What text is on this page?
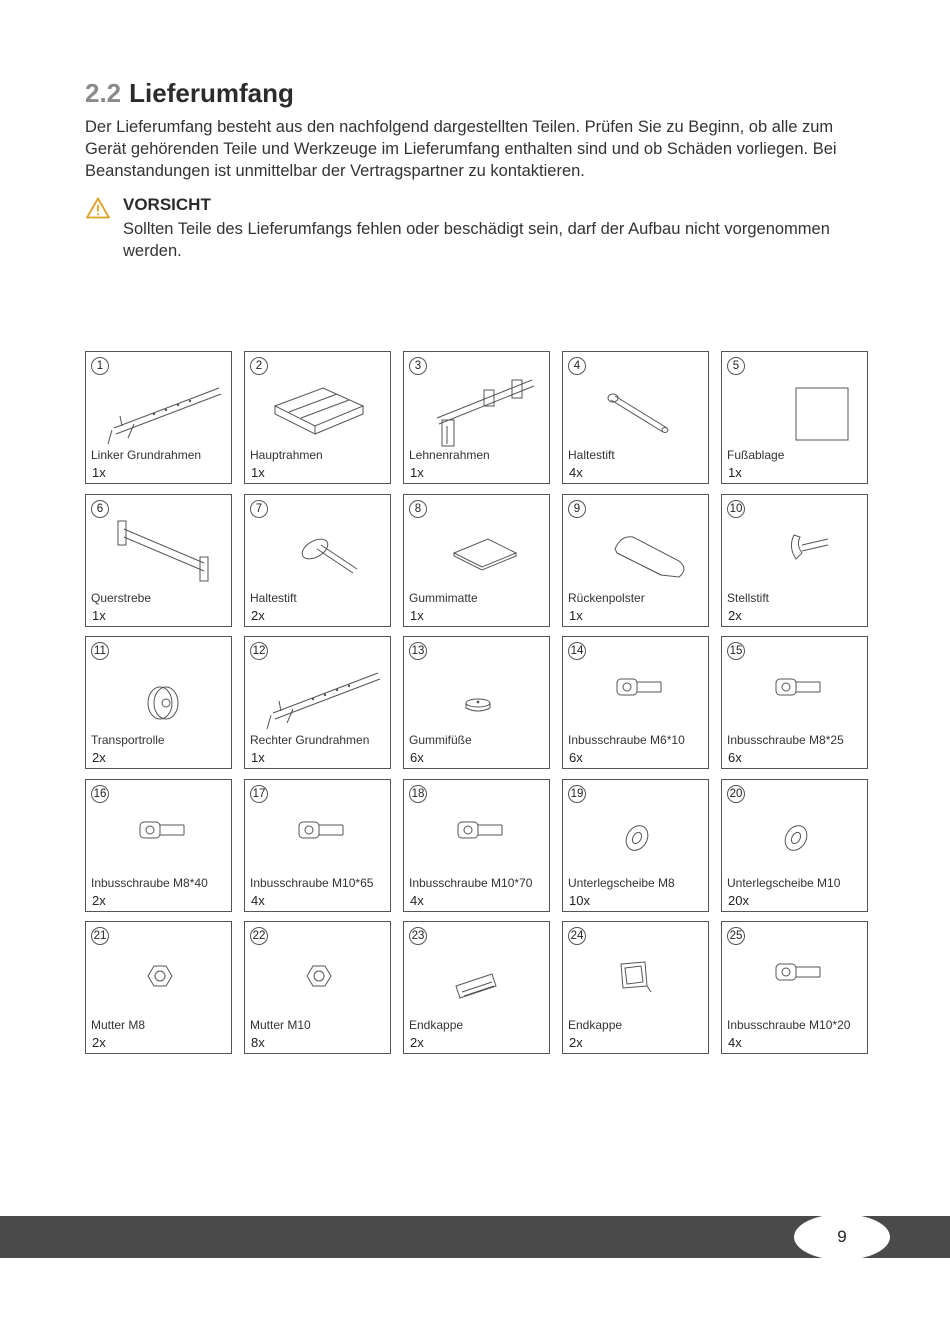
2.2 Lieferumfang

Der Lieferumfang besteht aus den nachfolgend dargestellten Teilen. Prüfen Sie zu Beginn, ob alle zum Gerät gehörenden Teile und Werkzeuge im Lieferumfang enthalten sind und ob Schäden vorliegen. Bei Beanstandungen ist unmittelbar der Vertragspartner zu kontaktieren.

VORSICHT

Sollten Teile des Lieferumfangs fehlen oder beschädigt sein, darf der Aufbau nicht vorgenommen werden.

1
Linker Grundrahmen
1x
2
Hauptrahmen
1x
3
Lehnenrahmen
1x
4
Haltestift
4x
5
Fußablage
1x
6
Querstrebe
1x
7
Haltestift
2x
8
Gummimatte
1x
9
Rückenpolster
1x
10
Stellstift
2x
11
Transportrolle
2x
12
Rechter Grundrahmen
1x
13
Gummifüße
6x
14
Inbusschraube M6*10
6x
15
Inbusschraube M8*25
6x
16
Inbusschraube M8*40
2x
17
Inbusschraube M10*65
4x
18
Inbusschraube M10*70
4x
19
Unterlegscheibe M8
10x
20
Unterlegscheibe M10
20x
21
Mutter M8
2x
22
Mutter M10
8x
23
Endkappe
2x
24
Endkappe
2x
25
Inbusschraube M10*20
4x
9
